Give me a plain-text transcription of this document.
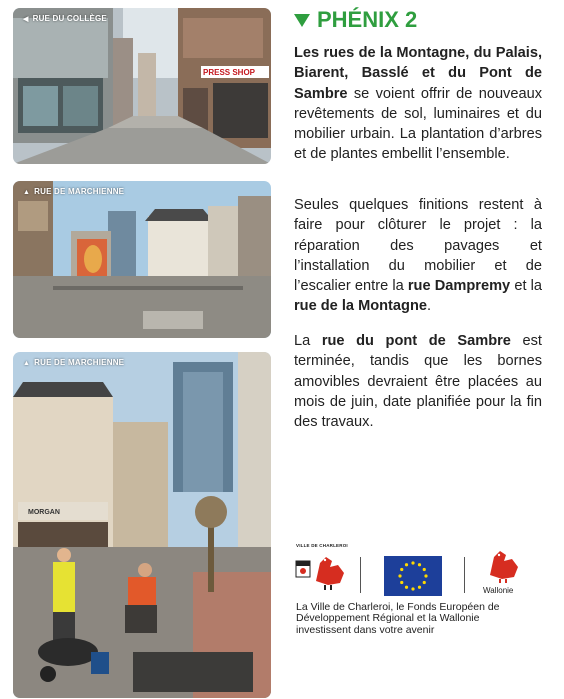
PRESS SHOP
◀ RUE DU COLLÈGE
▲ RUE DE MARCHIENNE
MORGAN
▲ RUE DE MARCHIENNE
PHÉNIX 2

Les rues de la Montagne, du Palais, Biarent, Basslé et du Pont de Sambre se voient offrir de nouveaux revêtements de sol, luminaires et du mobilier urbain. La plantation d’arbres et de plantes embellit l’ensemble.

Seules quelques finitions restent à faire pour clôturer le projet : la réparation des pavages et l’installation du mobilier et de l’escalier entre la rue Dampremy et la rue de la Montagne.

La rue du pont de Sambre est terminée, tandis que les bornes amovibles devraient être placées au mois de juin, date planifiée pour la fin des travaux.

VILLE DE CHARLEROI
Wallonie
La Ville de Charleroi, le Fonds Européen de Développement Régional et la Wallonie investissent dans votre avenir
